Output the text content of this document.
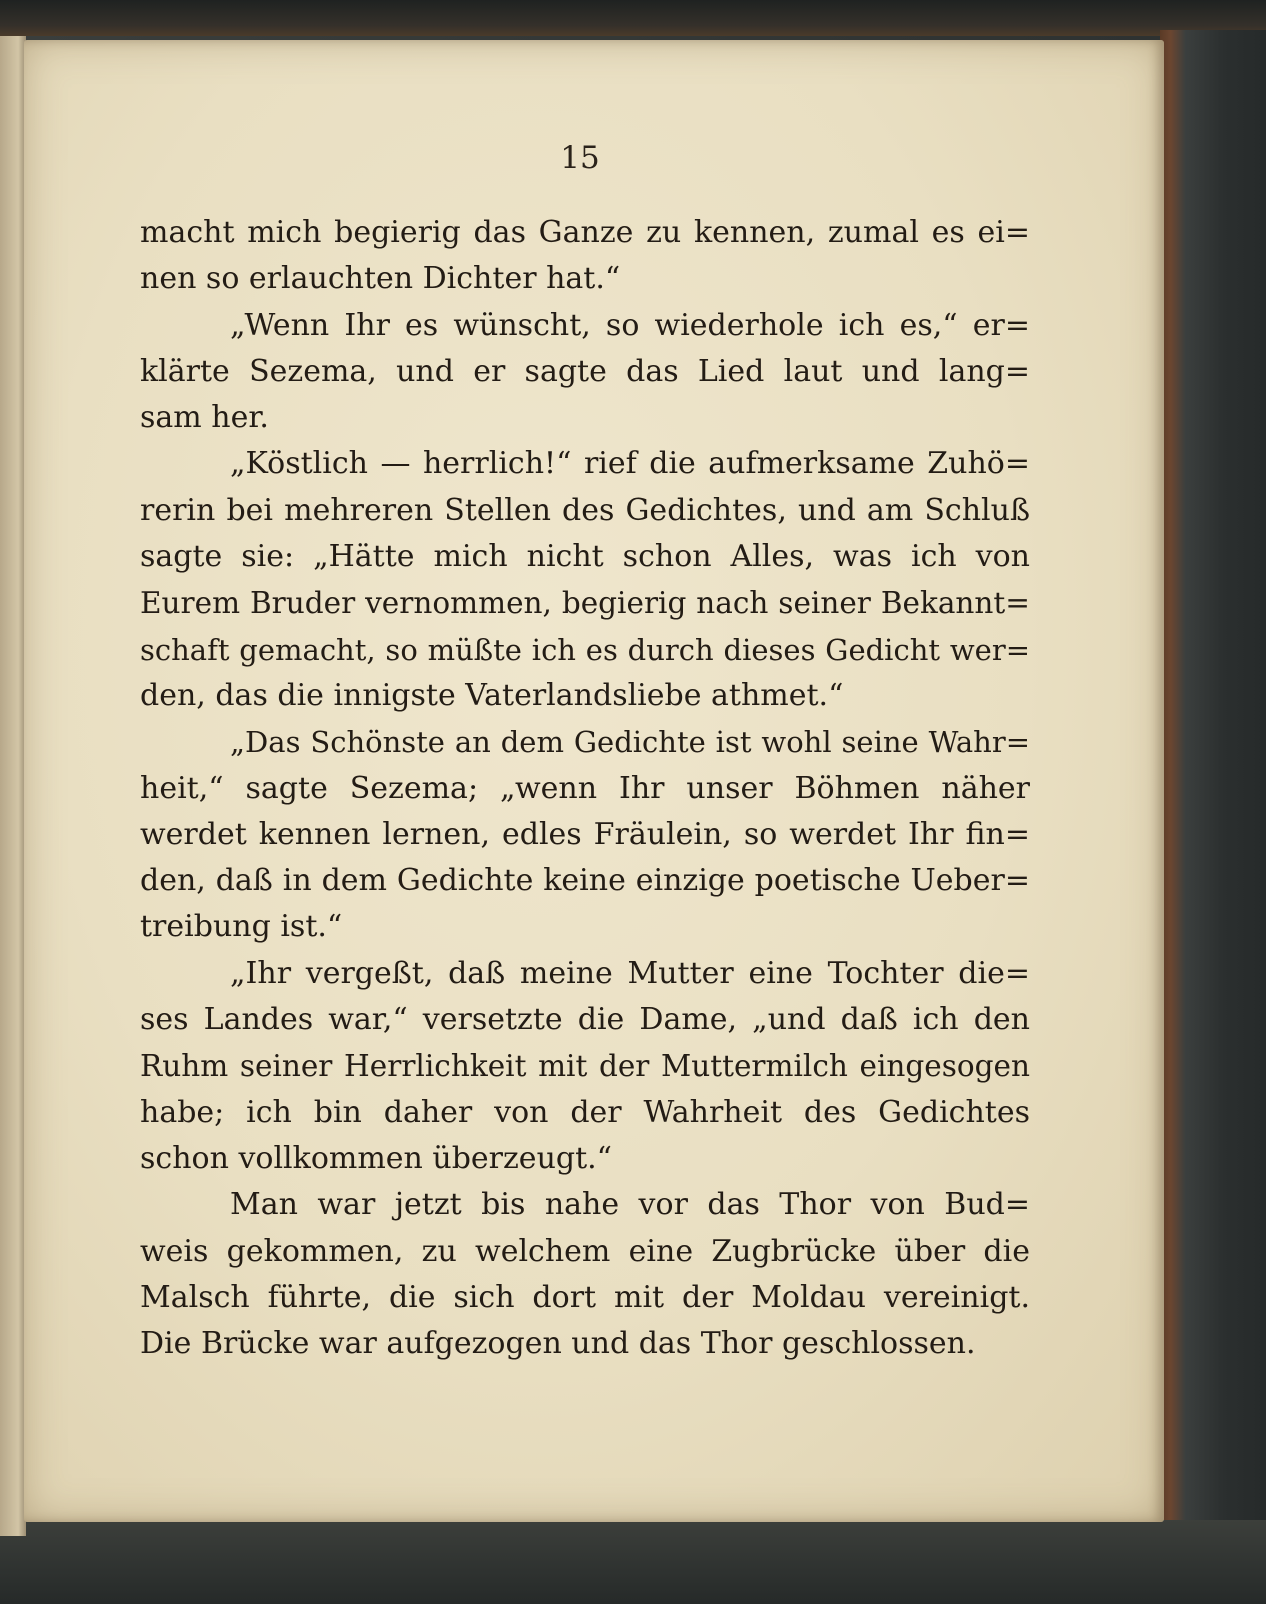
15
macht mich begierig das Ganze zu kennen, zumal es ei=
nen so erlauchten Dichter hat.“
„Wenn Ihr es wünscht, so wiederhole ich es,“ er=
klärte Sezema, und er sagte das Lied laut und lang=
sam her.
„Köstlich — herrlich!“ rief die aufmerksame Zuhö=
rerin bei mehreren Stellen des Gedichtes, und am Schluß
sagte sie: „Hätte mich nicht schon Alles, was ich von
Eurem Bruder vernommen, begierig nach seiner Bekannt=
schaft gemacht, so müßte ich es durch dieses Gedicht wer=
den, das die innigste Vaterlandsliebe athmet.“
„Das Schönste an dem Gedichte ist wohl seine Wahr=
heit,“ sagte Sezema; „wenn Ihr unser Böhmen näher
werdet kennen lernen, edles Fräulein, so werdet Ihr fin=
den, daß in dem Gedichte keine einzige poetische Ueber=
treibung ist.“
„Ihr vergeßt, daß meine Mutter eine Tochter die=
ses Landes war,“ versetzte die Dame, „und daß ich den
Ruhm seiner Herrlichkeit mit der Muttermilch eingesogen
habe; ich bin daher von der Wahrheit des Gedichtes
schon vollkommen überzeugt.“
Man war jetzt bis nahe vor das Thor von Bud=
weis gekommen, zu welchem eine Zugbrücke über die
Malsch führte, die sich dort mit der Moldau vereinigt.
Die Brücke war aufgezogen und das Thor geschlossen.
